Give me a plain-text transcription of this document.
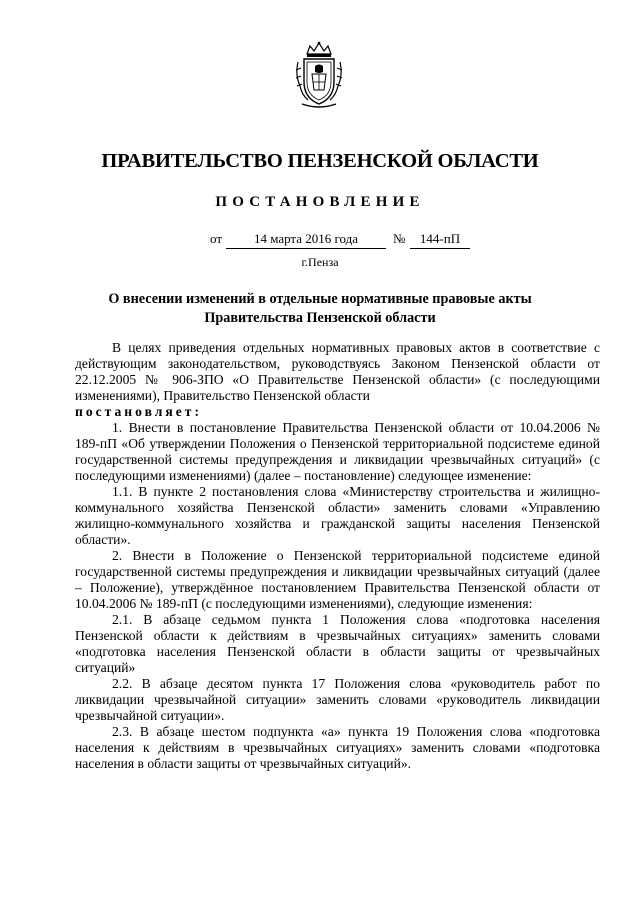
ПРАВИТЕЛЬСТВО ПЕНЗЕНСКОЙ ОБЛАСТИ
ПОСТАНОВЛЕНИЕ
от	14 марта 2016 года	№	144-пП
г.Пенза
О внесении изменений в отдельные нормативные правовые акты
Правительства Пензенской области

В целях приведения отдельных нормативных правовых актов в соответствие с действующим законодательством, руководствуясь Законом Пензенской области от 22.12.2005 № 906-ЗПО «О Правительстве Пензенской области» (с последующими изменениями), Правительство Пензенской области

постановляет:

1. Внести в постановление Правительства Пензенской области от 10.04.2006 № 189-пП «Об утверждении Положения о Пензенской территориальной подсистеме единой государственной системы предупреждения и ликвидации чрезвычайных ситуаций» (с последующими изменениями) (далее – постановление) следующее изменение:

1.1. В пункте 2 постановления слова «Министерству строительства и жилищно-коммунального хозяйства Пензенской области» заменить словами «Управлению жилищно-коммунального хозяйства и гражданской защиты населения Пензенской области».

2. Внести в Положение о Пензенской территориальной подсистеме единой государственной системы предупреждения и ликвидации чрезвычайных ситуаций (далее – Положение), утверждённое постановлением Правительства Пензенской области от 10.04.2006 № 189-пП (с последующими изменениями), следующие изменения:

2.1. В абзаце седьмом пункта 1 Положения слова «подготовка населения Пензенской области к действиям в чрезвычайных ситуациях» заменить словами «подготовка населения Пензенской области в области защиты от чрезвычайных ситуаций»

2.2. В абзаце десятом пункта 17 Положения слова «руководитель работ по ликвидации чрезвычайной ситуации» заменить словами «руководитель ликвидации чрезвычайной ситуации».

2.3. В абзаце шестом подпункта «а» пункта 19 Положения слова «подготовка населения к действиям в чрезвычайных ситуациях» заменить словами «подготовка населения в области защиты от чрезвычайных ситуаций».
